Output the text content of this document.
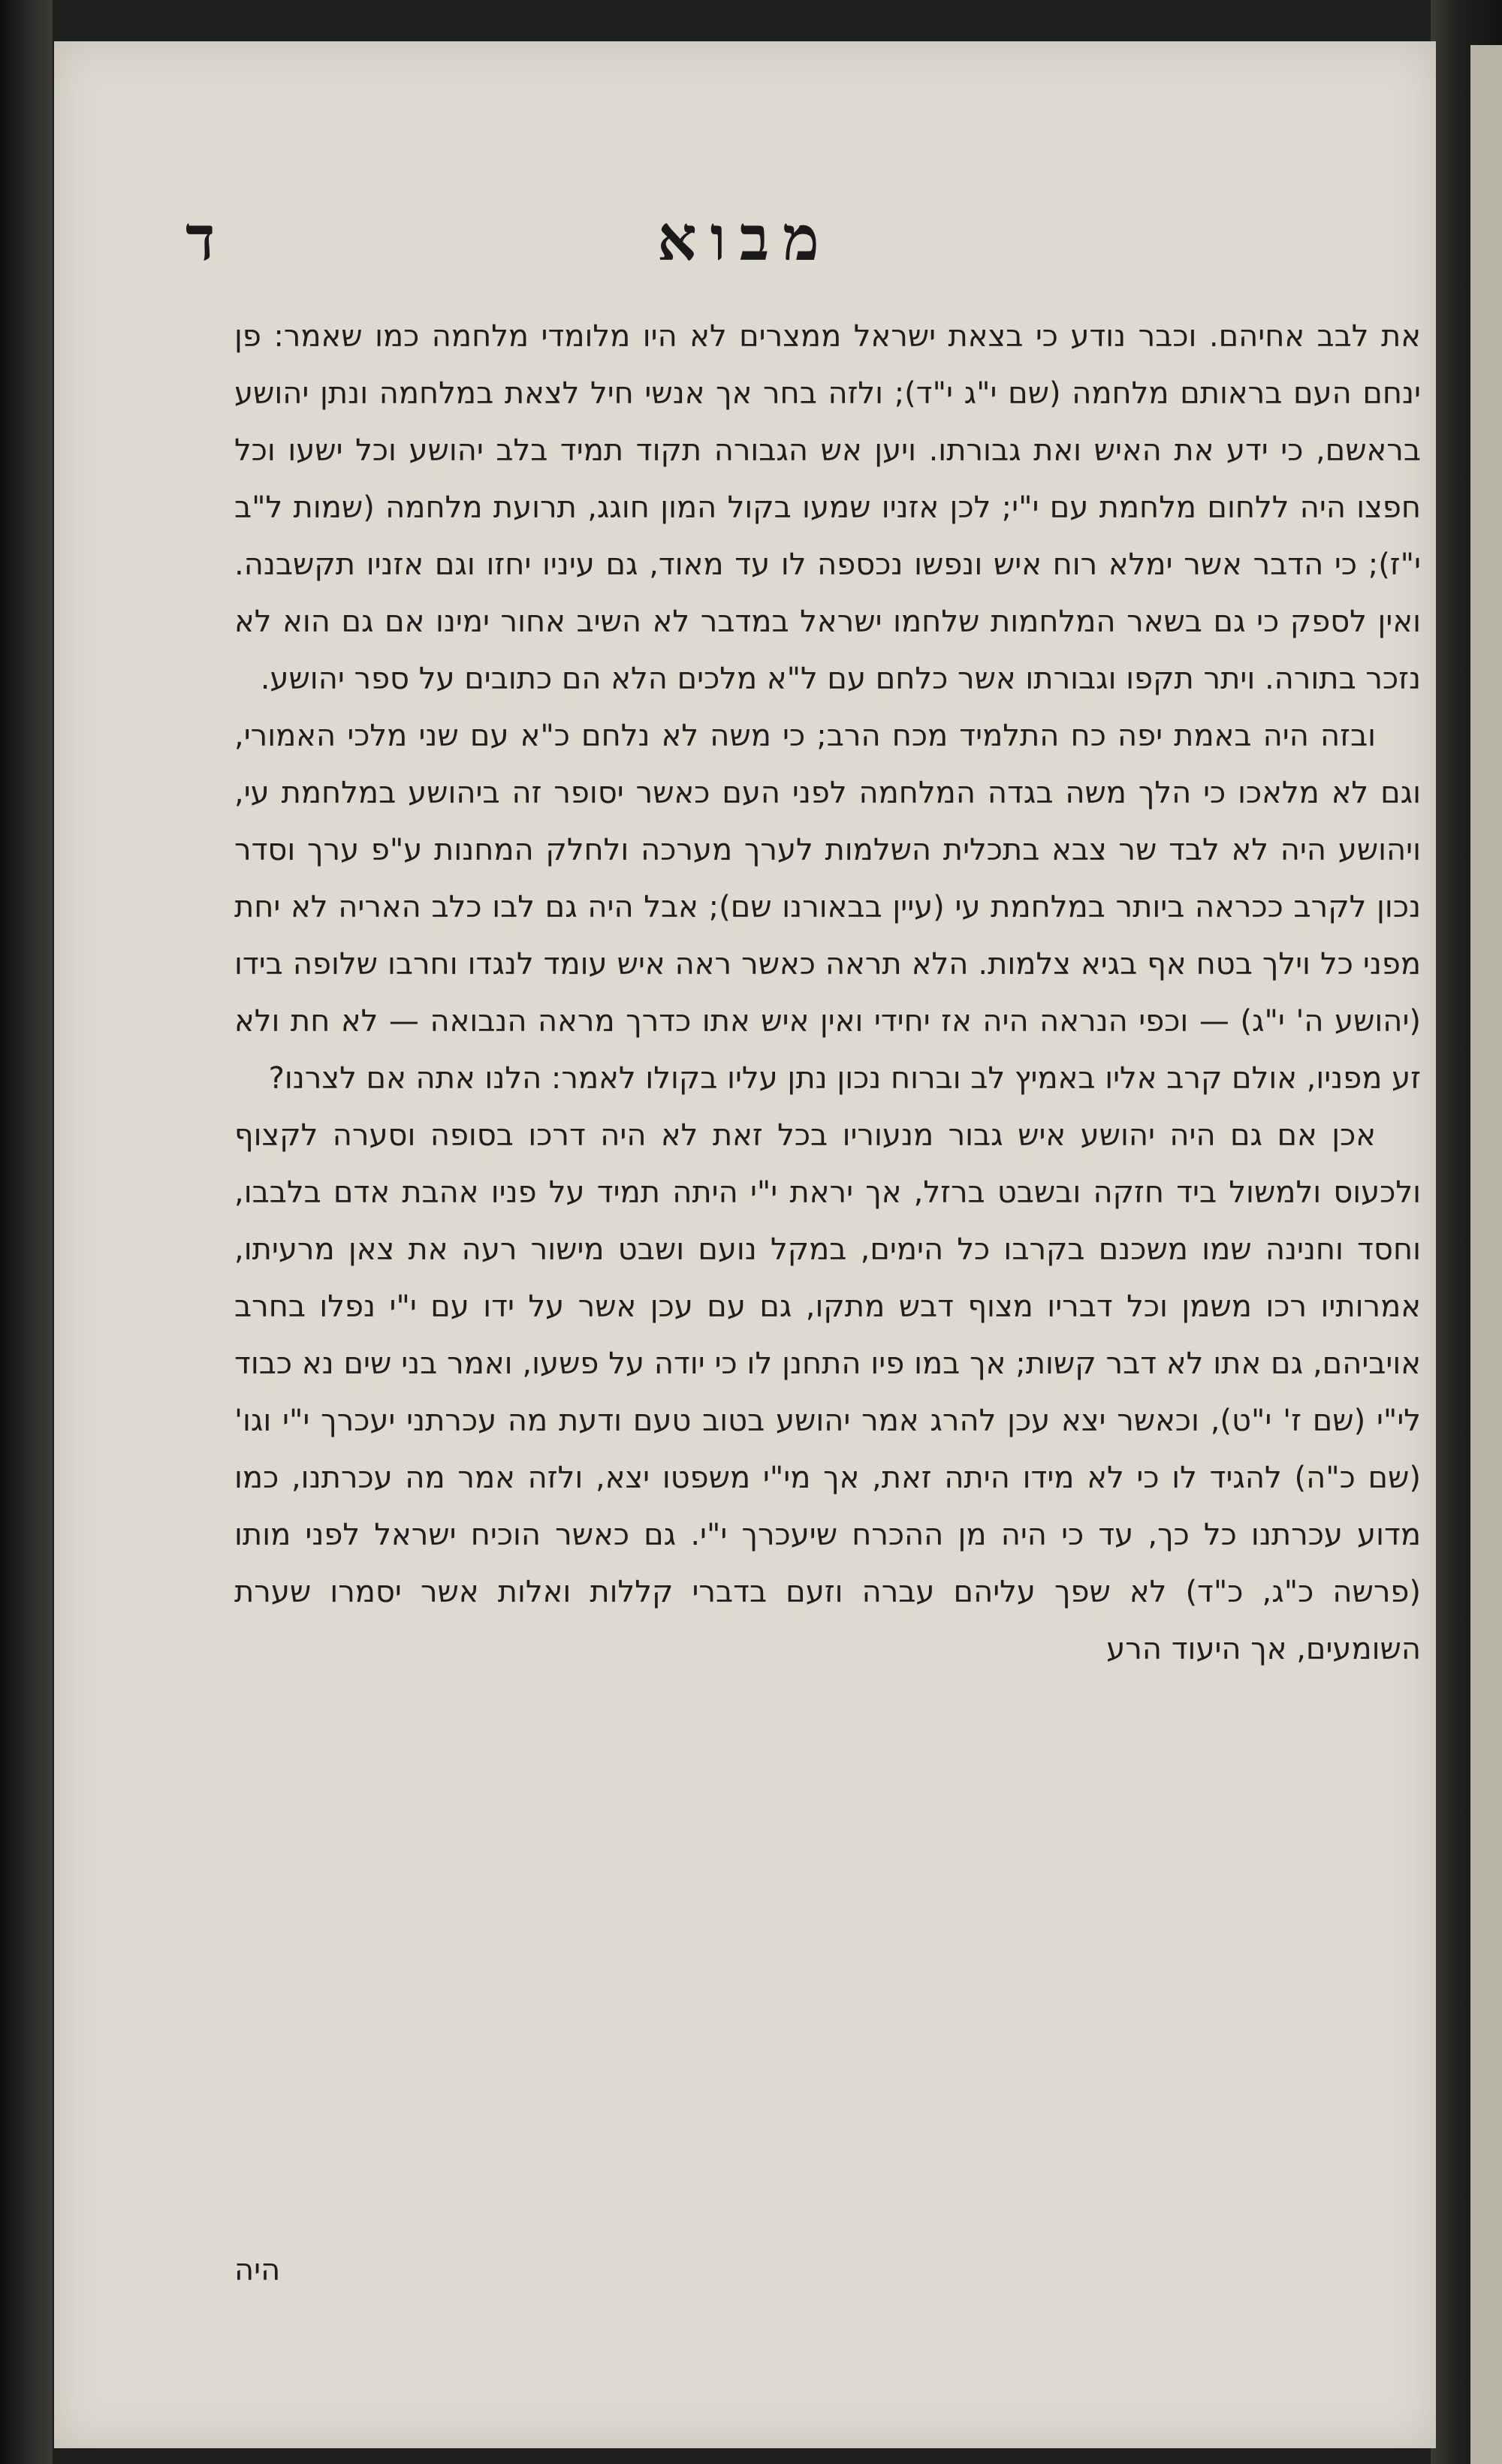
ד	מבוא

את לבב אחיהם. וכבר נודע כי בצאת ישראל ממצרים לא היו מלומדי מלחמה כמו שאמר: פן ינחם העם בראותם מלחמה (שם י"ג י"ד); ולזה בחר אך אנשי חיל לצאת במלחמה ונתן יהושע בראשם, כי ידע את האיש ואת גבורתו. ויען אש הגבורה תקוד תמיד בלב יהושע וכל ישעו וכל חפצו היה ללחום מלחמת עם י"י; לכן אזניו שמעו בקול המון חוגג, תרועת מלחמה (שמות ל"ב י"ז); כי הדבר אשר ימלא רוח איש ונפשו נכספה לו עד מאוד, גם עיניו יחזו וגם אזניו תקשבנה. ואין לספק כי גם בשאר המלחמות שלחמו ישראל במדבר לא השיב אחור ימינו אם גם הוא לא נזכר בתורה. ויתר תקפו וגבורתו אשר כלחם עם ל"א מלכים הלא הם כתובים על ספר יהושע.

ובזה היה באמת יפה כח התלמיד מכח הרב; כי משה לא נלחם כ"א עם שני מלכי האמורי, וגם לא מלאכו כי הלך משה בגדה המלחמה לפני העם כאשר יסופר זה ביהושע במלחמת עי, ויהושע היה לא לבד שר צבא בתכלית השלמות לערך מערכה ולחלק המחנות ע"פ ערך וסדר נכון לקרב ככראה ביותר במלחמת עי (עיין בבאורנו שם); אבל היה גם לבו כלב האריה לא יחת מפני כל וילך בטח אף בגיא צלמות. הלא תראה כאשר ראה איש עומד לנגדו וחרבו שלופה בידו (יהושע ה' י"ג) — וכפי הנראה היה אז יחידי ואין איש אתו כדרך מראה הנבואה — לא חת ולא זע מפניו, אולם קרב אליו באמיץ לב וברוח נכון נתן עליו בקולו לאמר: הלנו אתה אם לצרנו?

אכן אם גם היה יהושע איש גבור מנעוריו בכל זאת לא היה דרכו בסופה וסערה לקצוף ולכעוס ולמשול ביד חזקה ובשבט ברזל, אך יראת י"י היתה תמיד על פניו אהבת אדם בלבבו, וחסד וחנינה שמו משכנם בקרבו כל הימים, במקל נועם ושבט מישור רעה את צאן מרעיתו, אמרותיו רכו משמן וכל דבריו מצוף דבש מתקו, גם עם עכן אשר על ידו עם י"י נפלו בחרב אויביהם, גם אתו לא דבר קשות; אך במו פיו התחנן לו כי יודה על פשעו, ואמר בני שים נא כבוד לי"י (שם ז' י"ט), וכאשר יצא עכן להרג אמר יהושע בטוב טעם ודעת מה עכרתני יעכרך י"י וגו' (שם כ"ה) להגיד לו כי לא מידו היתה זאת, אך מי"י משפטו יצא, ולזה אמר מה עכרתנו, כמו מדוע עכרתנו כל כך, עד כי היה מן ההכרח שיעכרך י"י. גם כאשר הוכיח ישראל לפני מותו (פרשה כ"ג, כ"ד) לא שפך עליהם עברה וזעם בדברי קללות ואלות אשר יסמרו שערת השומעים, אך היעוד הרע

היה
